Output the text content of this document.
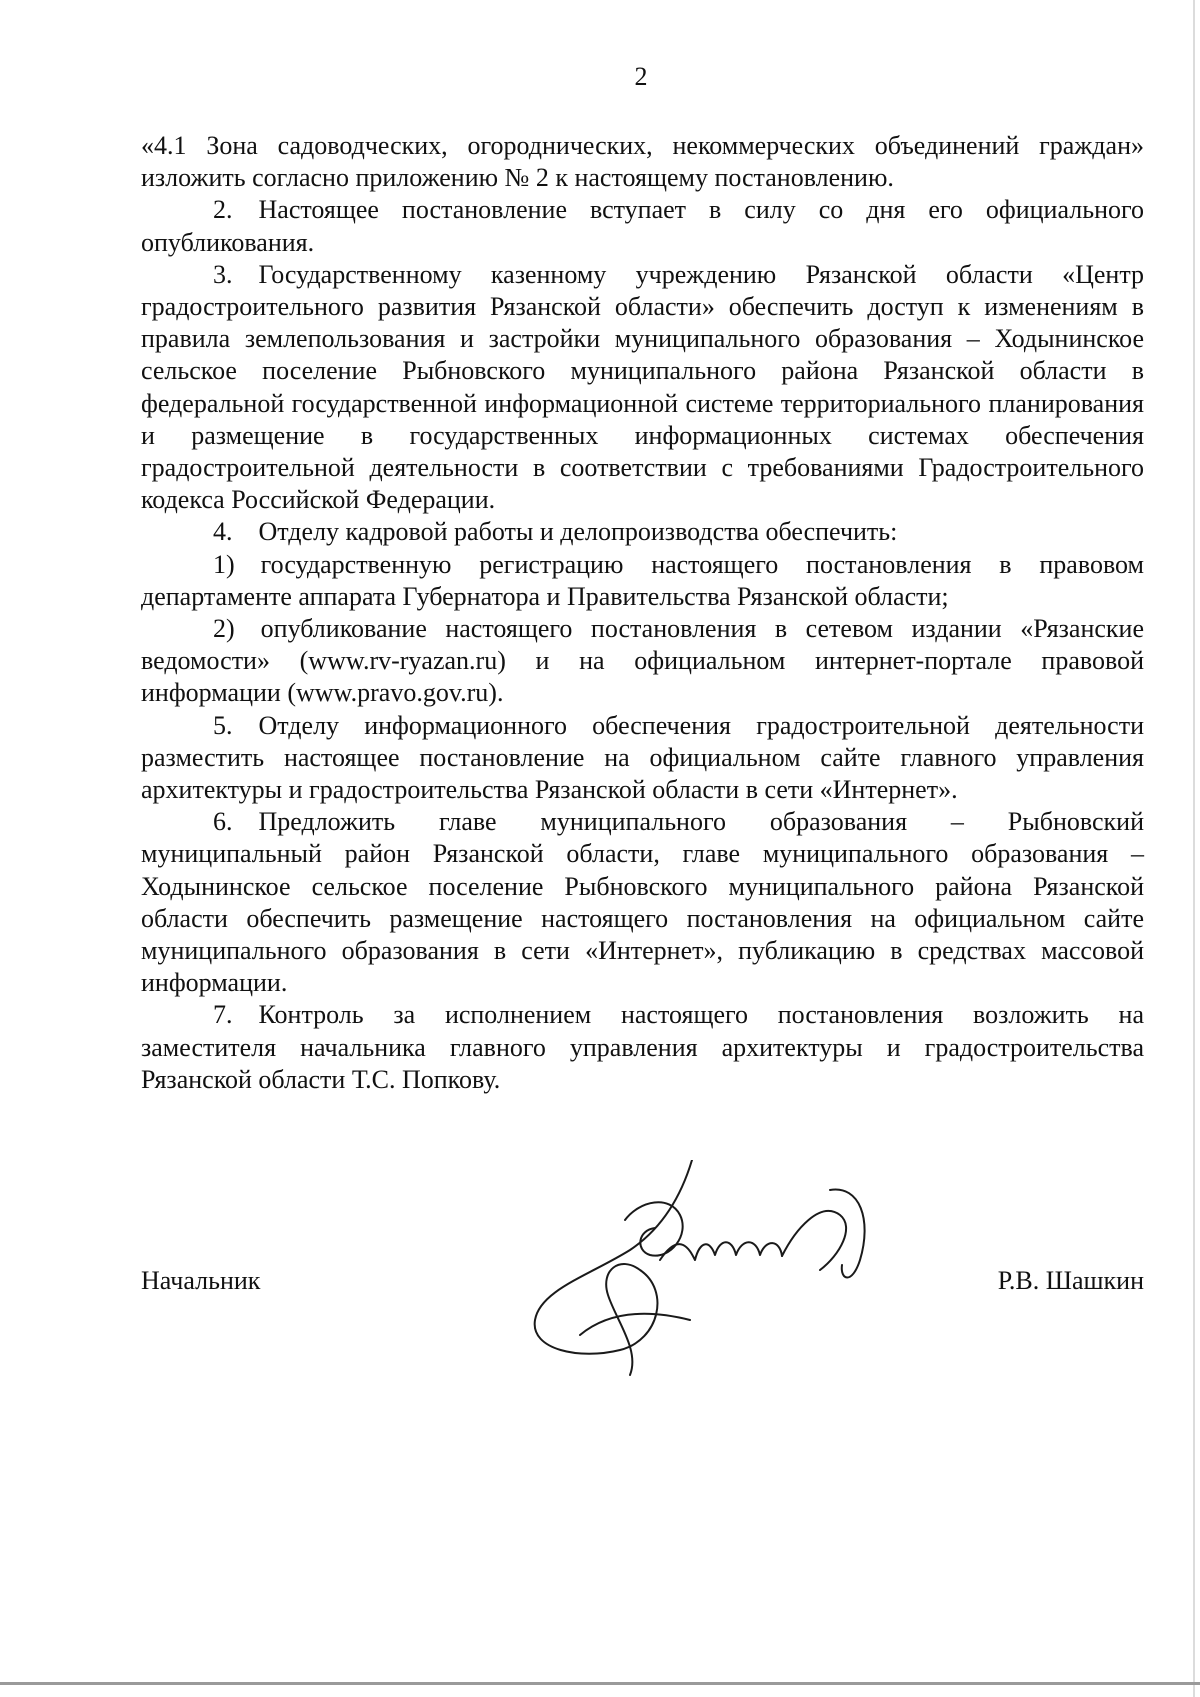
2

«4.1 Зона садоводческих, огороднических, некоммерческих объединений граждан» изложить согласно приложению № 2 к настоящему постановлению.

2. Настоящее постановление вступает в силу со дня его официального опубликования.

3. Государственному казенному учреждению Рязанской области «Центр градостроительного развития Рязанской области» обеспечить доступ к изменениям в правила землепользования и застройки муниципального образования – Ходынинское сельское поселение Рыбновского муниципального района Рязанской области в федеральной государственной информационной системе территориального планирования и размещение в государственных информационных системах обеспечения градостроительной деятельности в соответствии с требованиями Градостроительного кодекса Российской Федерации.

4. Отделу кадровой работы и делопроизводства обеспечить:

1) государственную регистрацию настоящего постановления в правовом департаменте аппарата Губернатора и Правительства Рязанской области;

2) опубликование настоящего постановления в сетевом издании «Рязанские ведомости» (www.rv-ryazan.ru) и на официальном интернет-портале правовой информации (www.pravo.gov.ru).

5. Отделу информационного обеспечения градостроительной деятельности разместить настоящее постановление на официальном сайте главного управления архитектуры и градостроительства Рязанской области в сети «Интернет».

6. Предложить главе муниципального образования – Рыбновский муниципальный район Рязанской области, главе муниципального образования – Ходынинское сельское поселение Рыбновского муниципального района Рязанской области обеспечить размещение настоящего постановления на официальном сайте муниципального образования в сети «Интернет», публикацию в средствах массовой информации.

7. Контроль за исполнением настоящего постановления возложить на заместителя начальника главного управления архитектуры и градостроительства Рязанской области Т.С. Попкову.

Начальник	Р.В. Шашкин
